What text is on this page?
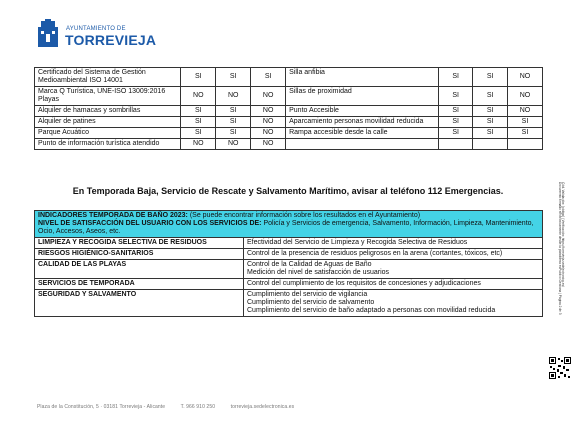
AYUNTAMIENTO DE
TORREVIEJA
Certificado del Sistema de Gestión Medioambiental ISO 14001	SI	SI	SI	Silla anfibia	SI	SI	NO
Marca Q Turística, UNE-ISO 13009:2016 Playas	NO	NO	NO	Sillas de proximidad	SI	SI	NO
Alquiler de hamacas y sombrillas	SI	SI	NO	Punto Accesible	SI	SI	NO
Alquiler de patines	SI	SI	NO	Aparcamiento personas movilidad reducida	SI	SI	SI
Parque Acuático	SI	SI	NO	Rampa accesible desde la calle	SI	SI	SI
Punto de información turística atendido	NO	NO	NO				
En Temporada Baja, Servicio de Rescate y Salvamento Marítimo, avisar al teléfono 112 Emergencias.
INDICADORES TEMPORADA DE BAÑO 2023: (Se puede encontrar información sobre los resultados en el Ayuntamiento)
NIVEL DE SATISFACCIÓN DEL USUARIO CON LOS SERVICIOS DE: Policía y Servicios de emergencia, Salvamento, Información, Limpieza, Mantenimiento, Ocio, Accesos, Aseos, etc.	

LIMPIEZA Y RECOGIDA SELECTIVA DE RESIDUOS	Efectividad del Servicio de Limpieza y Recogida Selectiva de Residuos

RIESGOS HIGIÉNICO-SANITARIOS	Control de la presencia de residuos peligrosos en la arena (cortantes, tóxicos, etc)

CALIDAD DE LAS PLAYAS	Control de la Calidad de Aguas de Baño
Medición del nivel de satisfacción de usuarios

SERVICIOS DE TEMPORADA	Control del cumplimiento de los requisitos de concesiones y adjudicaciones

SEGURIDAD Y SALVAMENTO	Cumplimiento del servicio de vigilancia
Cumplimiento del servicio de salvamento
Cumplimiento del servicio de baño adaptado a personas con movilidad reducida
Plaza de la Constitución, 5 · 03181 Torrevieja - Alicante	T. 966 910 250	torrevieja.sedelectronica.es
Cód. Validación: [código] | Verificación: https://torrevieja.sedelectronica.es/
Documento firmado electrónicamente desde la plataforma esPublico Gestiona | Página 2 de 3
